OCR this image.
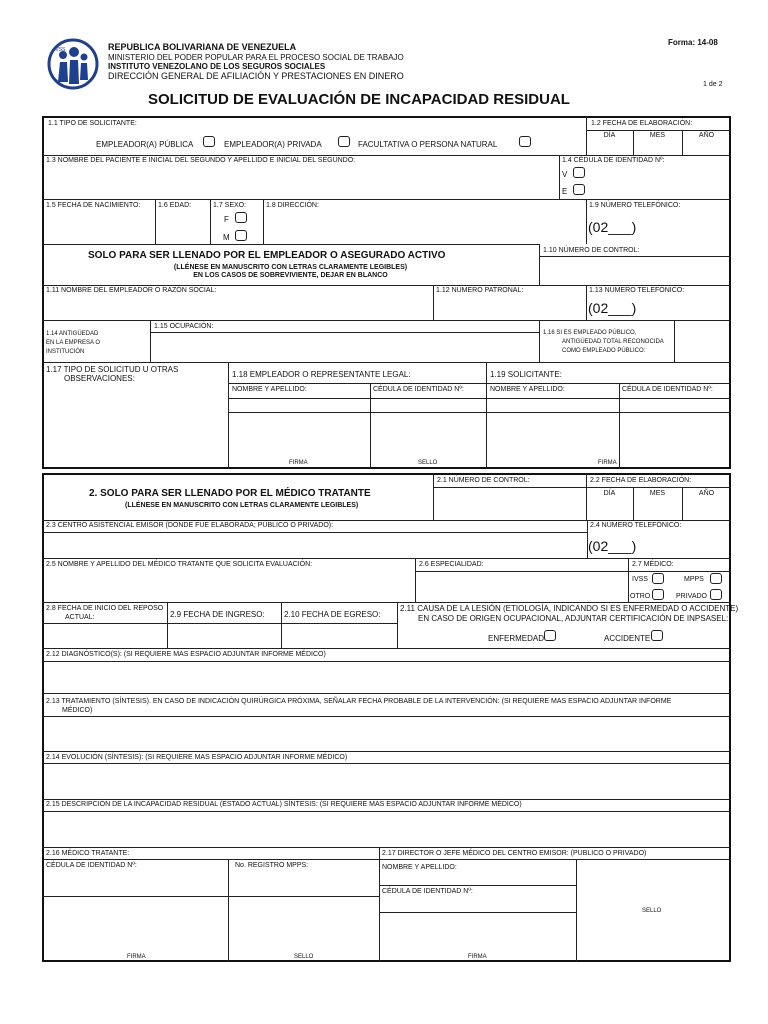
IVSS	REPUBLICA BOLIVARIANA DE VENEZUELA
MINISTERIO DEL PODER POPULAR PARA EL PROCESO SOCIAL DE TRABAJO
INSTITUTO VENEZOLANO DE LOS SEGUROS SOCIALES
DIRECCIÓN GENERAL DE AFILIACIÓN Y PRESTACIONES EN DINERO
Forma: 14-08
1 de 2
SOLICITUD DE EVALUACIÓN DE INCAPACIDAD RESIDUAL
1.1 TIPO DE SOLICITANTE:
EMPLEADOR(A) PÚBLICA	EMPLEADOR(A) PRIVADA	FACULTATIVA O PERSONA NATURAL
1.2 FECHA DE ELABORACIÓN:
DÍA	MES	AÑO
1.3 NOMBRE DEL PACIENTE E INICIAL DEL SEGUNDO Y APELLIDO E INICIAL DEL SEGUNDO:	1.4 CÉDULA DE IDENTIDAD Nº:
V
E
1.5 FECHA DE NACIMIENTO:	1.6 EDAD:	1.7 SEXO:
F
M
1.8 DIRECCIÓN:	1.9 NÚMERO TELEFÓNICO:
(02___)
SOLO PARA SER LLENADO POR EL EMPLEADOR O ASEGURADO ACTIVO
(LLÉNESE EN MANUSCRITO CON LETRAS CLARAMENTE LEGIBLES)
EN LOS CASOS DE SOBREVIVIENTE, DEJAR EN BLANCO
1.10 NÚMERO DE CONTROL:
1.11 NOMBRE DEL EMPLEADOR O RAZÓN SOCIAL:	1.12 NÚMERO PATRONAL:	1.13 NÚMERO TELEFÓNICO:
(02___)
1.14 ANTIGÜEDAD
EN LA EMPRESA O
INSTITUCIÓN
1.15 OCUPACIÓN:
1.16 SI ES EMPLEADO PÚBLICO,
ANTIGÜEDAD TOTAL RECONOCIDA
COMO EMPLEADO PÚBLICO:
1.17 TIPO DE SOLICITUD U OTRAS
OBSERVACIONES:	1.18 EMPLEADOR O REPRESENTANTE LEGAL:	1.19 SOLICITANTE:
NOMBRE Y APELLIDO:	CÉDULA DE IDENTIDAD Nº:	NOMBRE Y APELLIDO:	CÉDULA DE IDENTIDAD Nº:
FIRMA	SELLO	FIRMA
2. SOLO PARA SER LLENADO POR EL MÉDICO TRATANTE
(LLÉNESE EN MANUSCRITO CON LETRAS CLARAMENTE LEGIBLES)
2.1 NÚMERO DE CONTROL:	2.2 FECHA DE ELABORACIÓN:
DÍA	MES	AÑO
2.3 CENTRO ASISTENCIAL EMISOR (DONDE FUE ELABORADA; PÚBLICO O PRIVADO):	2.4 NÚMERO TELEFÓNICO:
(02___)
2.5 NOMBRE Y APELLIDO DEL MÉDICO TRATANTE QUE SOLICITA EVALUACIÓN:	2.6 ESPECIALIDAD:	2.7 MÉDICO:
IVSS	MPPS
OTRO	PRIVADO
2.8 FECHA DE INICIO DEL REPOSO
ACTUAL:	2.9 FECHA DE INGRESO: 2.10 FECHA DE EGRESO:
2.11 CAUSA DE LA LESIÓN (ETIOLOGÍA, INDICANDO SI ES ENFERMEDAD O ACCIDENTE)
EN CASO DE ORIGEN OCUPACIONAL, ADJUNTAR CERTIFICACIÓN DE INPSASEL:
ENFERMEDAD	ACCIDENTE
2.12 DIAGNÓSTICO(S): (SI REQUIERE MAS ESPACIO ADJUNTAR INFORME MÉDICO)
2.13 TRATAMIENTO (SÍNTESIS). EN CASO DE INDICACIÓN QUIRÚRGICA PRÓXIMA, SEÑALAR FECHA PROBABLE DE LA INTERVENCIÓN: (SI REQUIERE MAS ESPACIO ADJUNTAR INFORME
MÉDICO)
2.14 EVOLUCIÓN (SÍNTESIS): (SI REQUIERE MAS ESPACIO ADJUNTAR INFORME MÉDICO)
2.15 DESCRIPCIÓN DE LA INCAPACIDAD RESIDUAL (ESTADO ACTUAL) SÍNTESIS: (SI REQUIERE MAS ESPACIO ADJUNTAR INFORME MÉDICO)
2.16 MÉDICO TRATANTE:	2.17 DIRECTOR O JEFE MÉDICO DEL CENTRO EMISOR: (PUBLICO O PRIVADO)
CÉDULA DE IDENTIDAD Nº:	No. REGISTRO MPPS:	NOMBRE Y APELLIDO:
CÉDULA DE IDENTIDAD Nº:
SELLO
FIRMA	SELLO	FIRMA
